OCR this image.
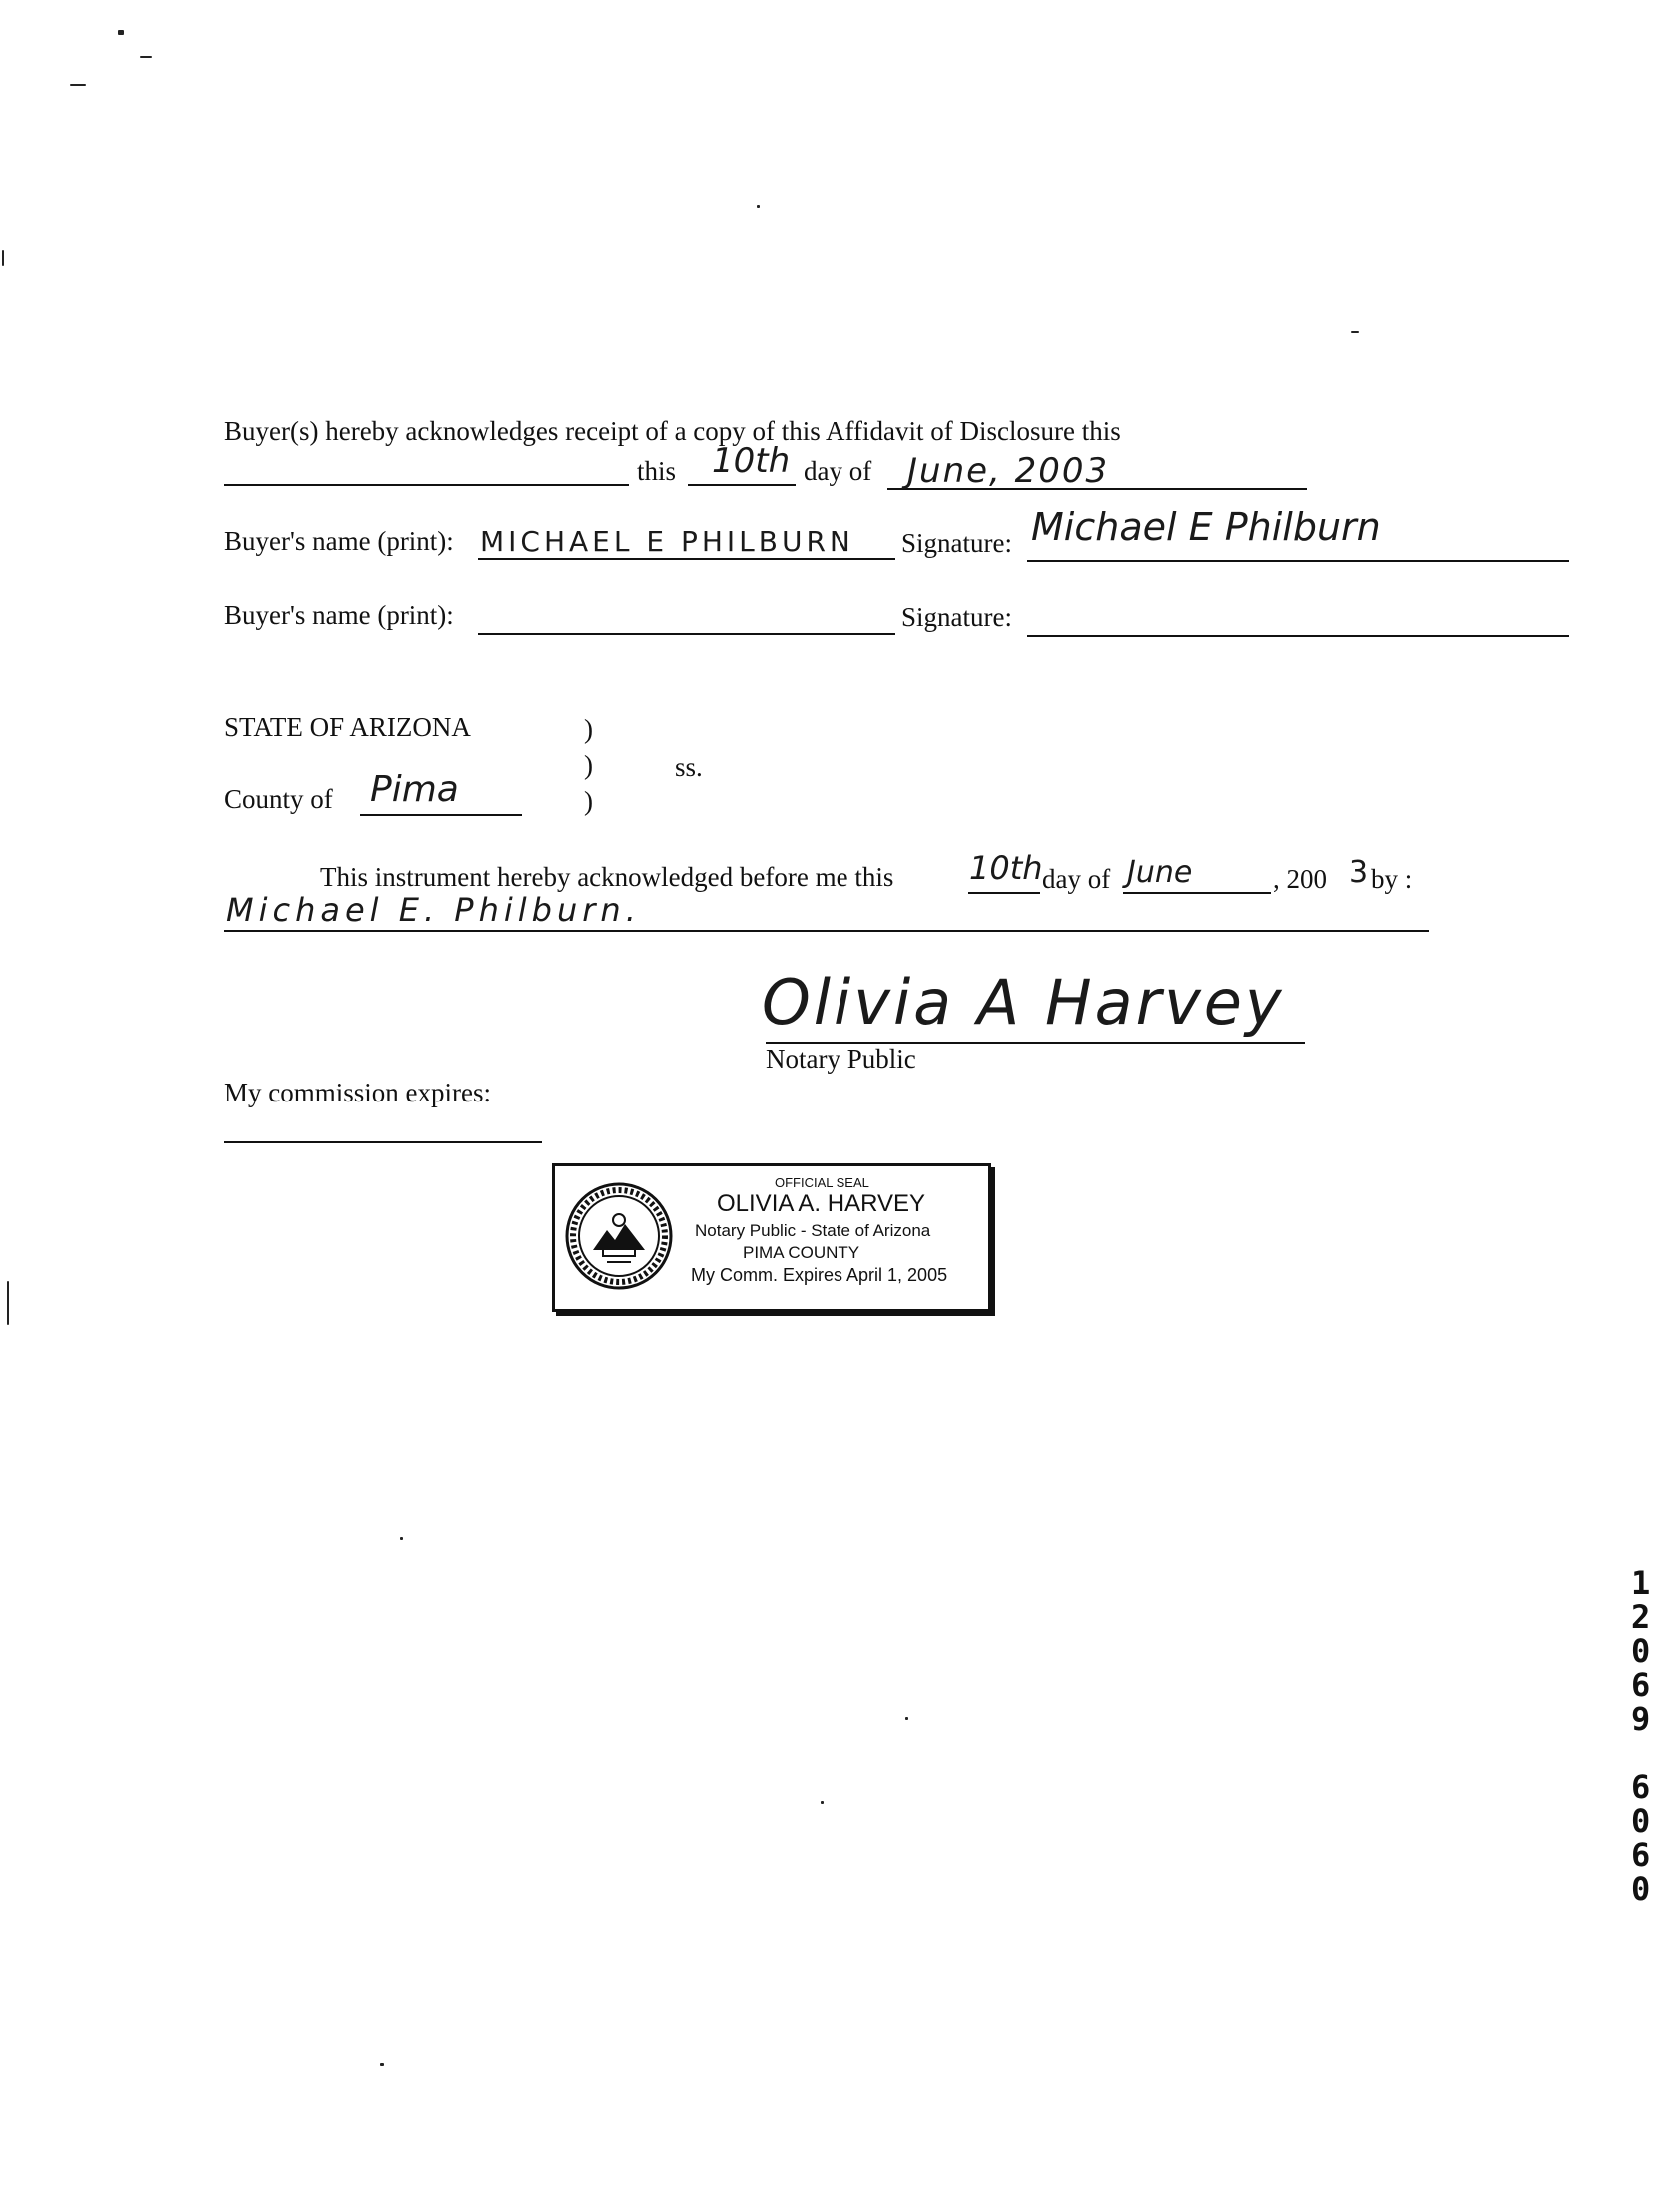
Buyer(s) hereby acknowledges receipt of a copy of this Affidavit of Disclosure this
this 10th day of June, 2003
Buyer's name (print): MICHAEL E PHILBURN Signature: Michael E Philburn
Buyer's name (print):	Signature:
STATE OF ARIZONA	)
)	ss.
County of Pima	)
This instrument hereby acknowledged before me this 10th day of June	, 200 3 by :
Michael E. Philburn.
Olivia A Harvey
Notary Public
My commission expires:
OFFICIAL SEAL
OLIVIA A. HARVEY
Notary Public - State of Arizona
PIMA COUNTY
My Comm. Expires April 1, 2005
1
2
0
6
9
6
0
6
0
